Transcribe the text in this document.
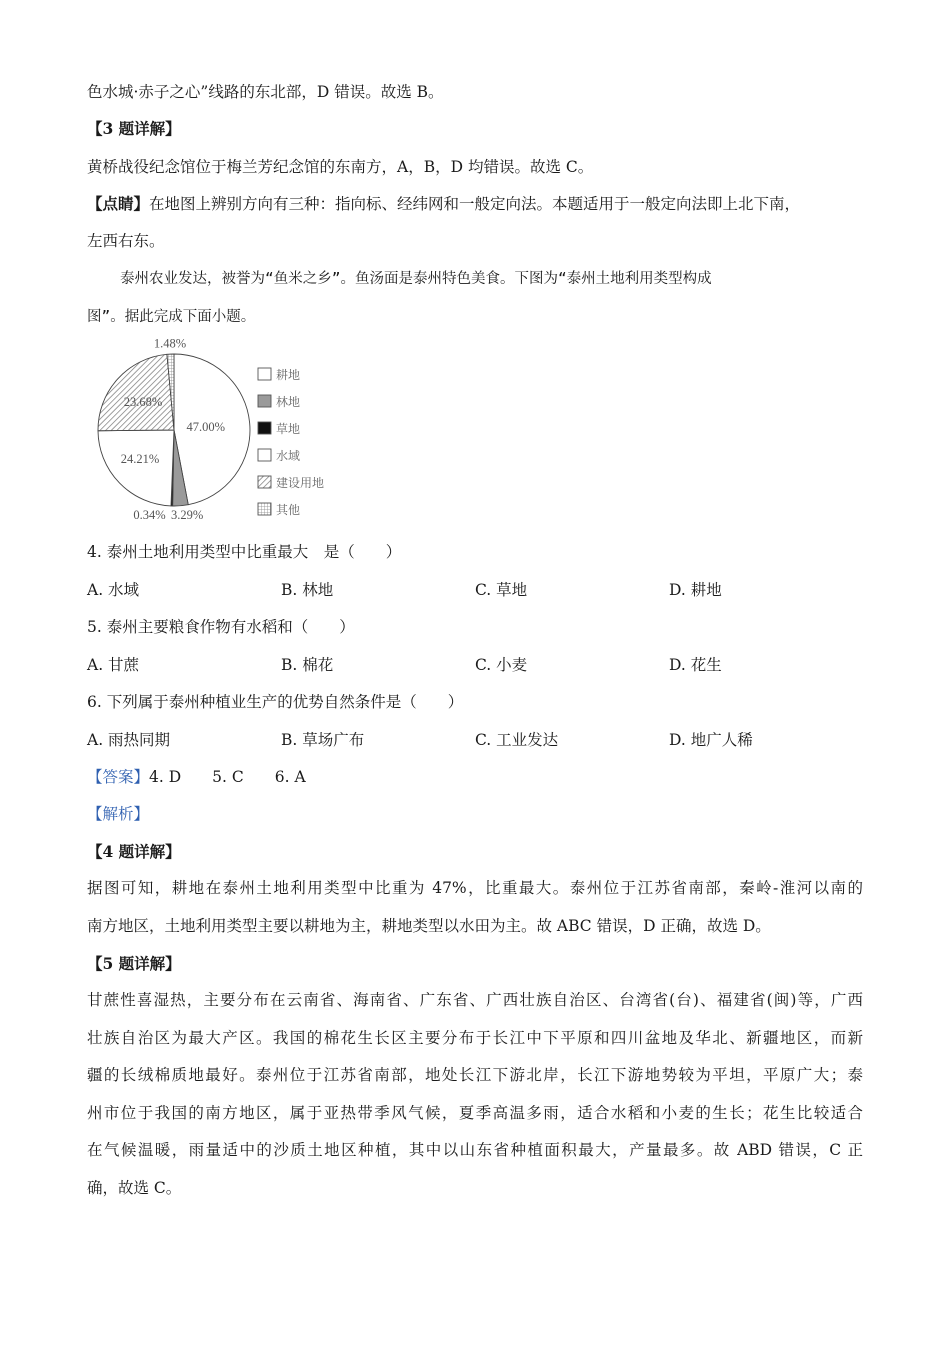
色水城·赤子之心”线路的东北部，D 错误。故选 B。
【3 题详解】
黄桥战役纪念馆位于梅兰芳纪念馆的东南方，A，B，D 均错误。故选 C。
【点睛】在地图上辨别方向有三种：指向标、经纬网和一般定向法。本题适用于一般定向法即上北下南，
左西右东。
泰州农业发达，被誉为“鱼米之乡”。鱼汤面是泰州特色美食。下图为“泰州土地利用类型构成
图”。据此完成下面小题。
47.00%
3.29%
0.34%
24.21%
23.68%
1.48%
耕地
林地
草地
水域
建设用地
其他
4. 泰州土地利用类型中比重最大　是（　　）
A. 水域	B. 林地	C. 草地	D. 耕地
5. 泰州主要粮食作物有水稻和（　　）
A. 甘蔗	B. 棉花	C. 小麦	D. 花生
6. 下列属于泰州种植业生产的优势自然条件是（　　）
A. 雨热同期	B. 草场广布	C. 工业发达	D. 地广人稀
【答案】4. D　　5. C　　6. A
【解析】
【4 题详解】
据图可知，耕地在泰州土地利用类型中比重为 47%，比重最大。泰州位于江苏省南部，秦岭-淮河以南的
南方地区，土地利用类型主要以耕地为主，耕地类型以水田为主。故 ABC 错误，D 正确，故选 D。
【5 题详解】
甘蔗性喜湿热，主要分布在云南省、海南省、广东省、广西壮族自治区、台湾省(台)、福建省(闽)等，广西
壮族自治区为最大产区。我国的棉花生长区主要分布于长江中下平原和四川盆地及华北、新疆地区，而新
疆的长绒棉质地最好。泰州位于江苏省南部，地处长江下游北岸，长江下游地势较为平坦，平原广大；泰
州市位于我国的南方地区，属于亚热带季风气候，夏季高温多雨，适合水稻和小麦的生长；花生比较适合
在气候温暖，雨量适中的沙质土地区种植，其中以山东省种植面积最大，产量最多。故 ABD 错误，C 正
确，故选 C。
